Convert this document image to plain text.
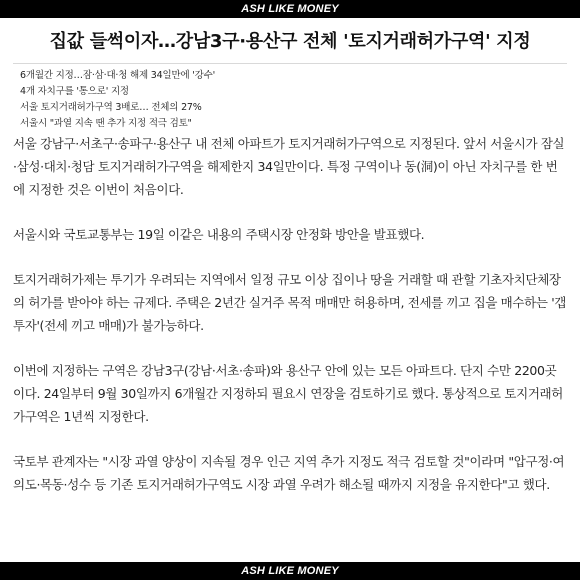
ASH LIKE MONEY
집값 들썩이자…강남3구·용산구 전체 '토지거래허가구역' 지정
6개월간 지정…잠·삼·대·청 해제 34일만에 '강수'
4개 자치구를 '통으로' 지정
서울 토지거래허가구역 3배로… 전체의 27%
서울시 "과열 지속 땐 추가 지정 적극 검토"

서울 강남구·서초구·송파구·용산구 내 전체 아파트가 토지거래허가구역으로 지정된다. 앞서 서울시가 잠실·삼성·대치·청담 토지거래허가구역을 해제한지 34일만이다. 특정 구역이나 동(洞)이 아닌 자치구를 한 번에 지정한 것은 이번이 처음이다.

서울시와 국토교통부는 19일 이같은 내용의 주택시장 안정화 방안을 발표했다.

토지거래허가제는 투기가 우려되는 지역에서 일정 규모 이상 집이나 땅을 거래할 때 관할 기초자치단체장의 허가를 받아야 하는 규제다. 주택은 2년간 실거주 목적 매매만 허용하며, 전세를 끼고 집을 매수하는 '갭투자'(전세 끼고 매매)가 불가능하다.

이번에 지정하는 구역은 강남3구(강남·서초·송파)와 용산구 안에 있는 모든 아파트다. 단지 수만 2200곳이다. 24일부터 9월 30일까지 6개월간 지정하되 필요시 연장을 검토하기로 했다. 통상적으로 토지거래허가구역은 1년씩 지정한다.

국토부 관계자는 "시장 과열 양상이 지속될 경우 인근 지역 추가 지정도 적극 검토할 것"이라며 "압구정·여의도·목동·성수 등 기존 토지거래허가구역도 시장 과열 우려가 해소될 때까지 지정을 유지한다"고 했다.

ASH LIKE MONEY
